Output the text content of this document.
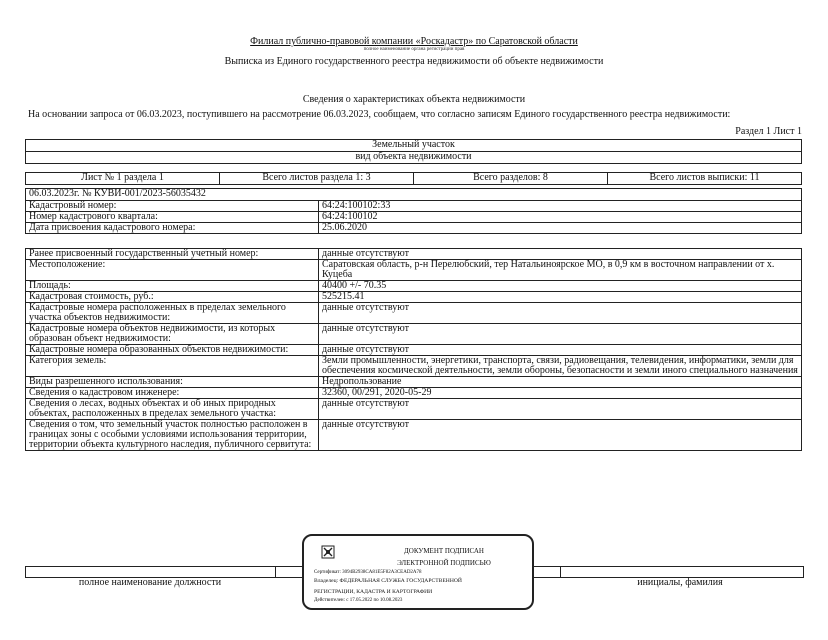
Филиал публично-правовой компании «Роскадастр» по Саратовской области
полное наименование органа регистрации прав
Выписка из Единого государственного реестра недвижимости об объекте недвижимости
Сведения о характеристиках объекта недвижимости
На основании запроса от 06.03.2023, поступившего на рассмотрение 06.03.2023, сообщаем, что согласно записям Единого государственного реестра недвижимости:
Раздел 1 Лист 1
Земельный участок
вид объекта недвижимости
Лист № 1 раздела 1	Всего листов раздела 1: 3	Всего разделов: 8	Всего листов выписки: 11
06.03.2023г. № КУВИ-001/2023-56035432
Кадастровый номер:	64:24:100102:33
Номер кадастрового квартала:	64:24:100102
Дата присвоения кадастрового номера:	25.06.2020
Ранее присвоенный государственный учетный номер:	данные отсутствуют
Местоположение:	Саратовская область, р-н Перелюбский, тер Натальиноярское МО, в 0,9 км в восточном направлении от х. Куцеба
Площадь:	40400 +/- 70.35
Кадастровая стоимость, руб.:	525215.41
Кадастровые номера расположенных в пределах земельного участка объектов недвижимости:	данные отсутствуют
Кадастровые номера объектов недвижимости, из которых образован объект недвижимости:	данные отсутствуют
Кадастровые номера образованных объектов недвижимости:	данные отсутствуют
Категория земель:	Земли промышленности, энергетики, транспорта, связи, радиовещания, телевидения, информатики, земли для обеспечения космической деятельности, земли обороны, безопасности и земли иного специального назначения
Виды разрешенного использования:	Недропользование
Сведения о кадастровом инженере:	32360, 00/291, 2020-05-29
Сведения о лесах, водных объектах и об иных природных объектах, расположенных в пределах земельного участка:	данные отсутствуют
Сведения о том, что земельный участок полностью расположен в границах зоны с особыми условиями использования территории, территории объекта культурного наследия, публичного сервитута:	данные отсутствуют
полное наименование должности	инициалы, фамилия
ДОКУМЕНТ ПОДПИСАН
ЭЛЕКТРОННОЙ ПОДПИСЬЮ
Сертификат: 3094B2938CA81E5F82A3CEAD2A78
Владелец: ФЕДЕРАЛЬНАЯ СЛУЖБА ГОСУДАРСТВЕННОЙ
РЕГИСТРАЦИИ, КАДАСТРА И КАРТОГРАФИИ
Действителен: с 17.05.2022 по 10.08.2023
